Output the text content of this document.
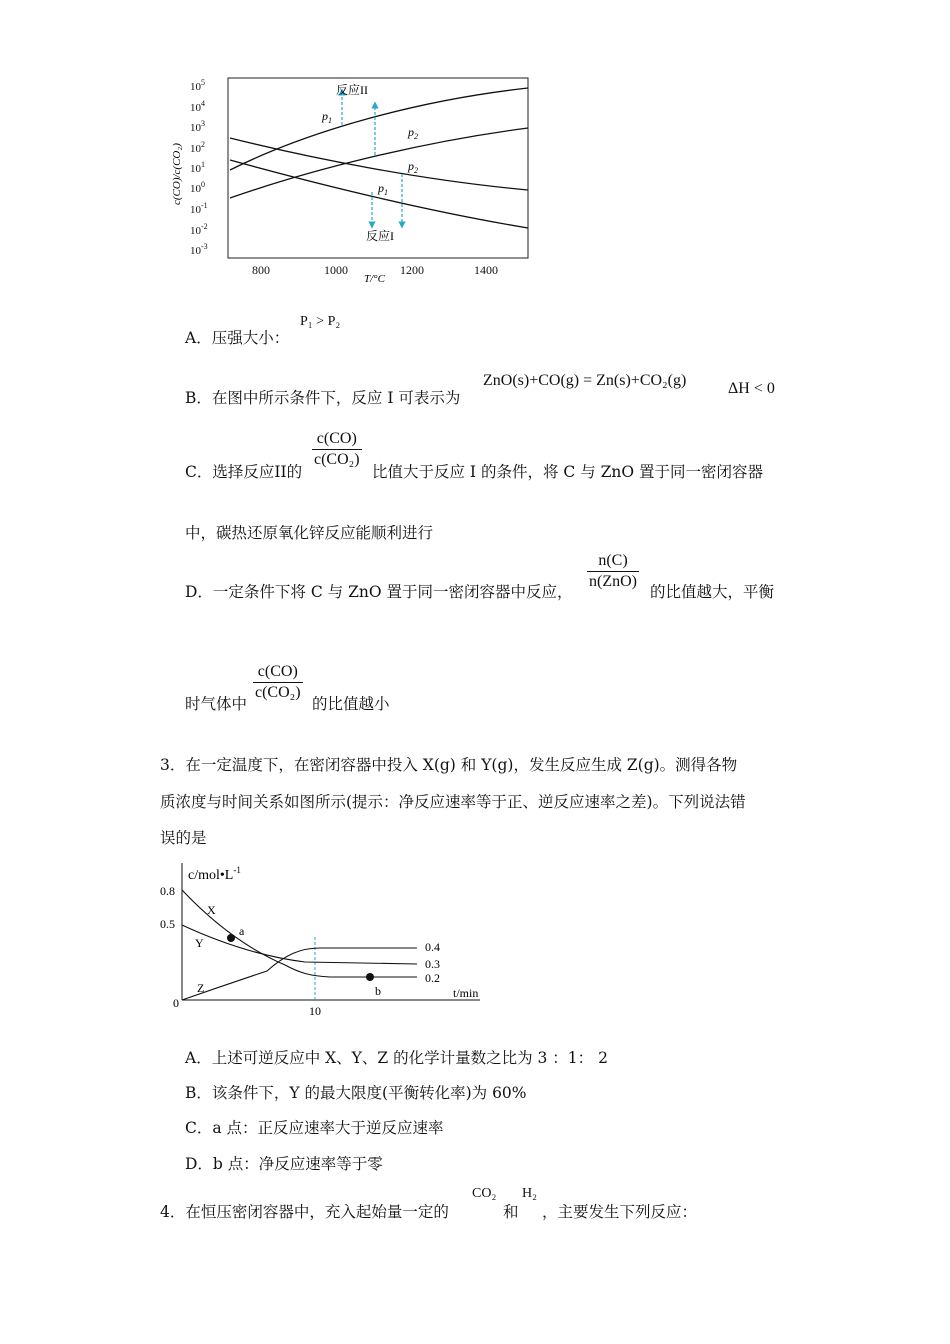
$10^{-3}$
$10^{-2}$
$10^{-1}$
$10^0$
$10^1$
$10^2$
$10^3$
$10^4$
$10^5$
c(CO)/c(CO₂)
800	1000	1200	1400
T/°C
反应II
反应I
$p_1$
$p_2$
$p_2$
$p_1$
A．压强大小：
P₁ > P₂
B．在图中所示条件下，反应 I 可表示为
ZnO(s)+CO(g) = Zn(s)+CO₂(g)	ΔH < 0
c(CO)
c(CO₂)
C．选择反应II的	比值大于反应 I 的条件，将 C 与 ZnO 置于同一密闭容器
中，碳热还原氧化锌反应能顺利进行
n(C)
n(ZnO)
D．一定条件下将 C 与 ZnO 置于同一密闭容器中反应，	的比值越大，平衡
c(CO)
c(CO₂)
时气体中	的比值越小
3．在一定温度下，在密闭容器中投入 X(g) 和 Y(g)，发生反应生成 Z(g)。测得各物
质浓度与时间关系如图所示(提示：净反应速率等于正、逆反应速率之差)。下列说法错
误的是
$c/mol•L^{-1}$
t/min
0.8
0.5
0
10
a
b
X
Y
Z
0.4
0.3
0.2
A．上述可逆反应中 X、Y、Z 的化学计量数之比为 3 ：1： 2
B．该条件下，Y 的最大限度(平衡转化率)为 60%
C．a 点：正反应速率大于逆反应速率
D．b 点：净反应速率等于零
4．在恒压密闭容器中，充入起始量一定的
CO₂
和
H₂
，主要发生下列反应：
